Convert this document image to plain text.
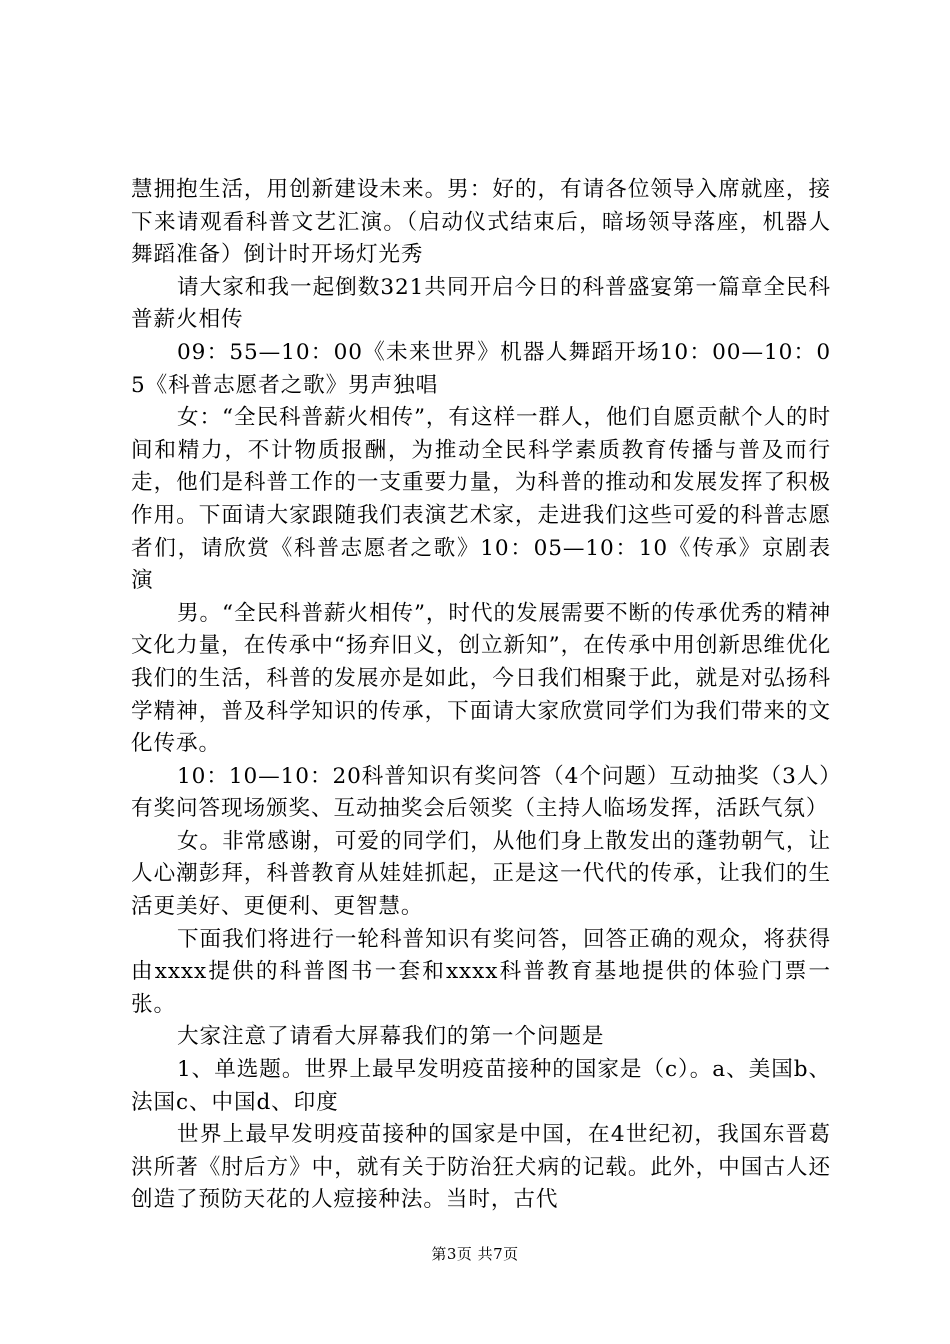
慧拥抱生活，用创新建设未来。男：好的，有请各位领导入席就座，接下来请观看科普文艺汇演。（启动仪式结束后，暗场领导落座，机器人舞蹈准备）倒计时开场灯光秀

请大家和我一起倒数321共同开启今日的科普盛宴第一篇章全民科普薪火相传

09：55—10：00《未来世界》机器人舞蹈开场10：00—10：05《科普志愿者之歌》男声独唱

女：“全民科普薪火相传”，有这样一群人，他们自愿贡献个人的时间和精力，不计物质报酬，为推动全民科学素质教育传播与普及而行走，他们是科普工作的一支重要力量，为科普的推动和发展发挥了积极作用。下面请大家跟随我们表演艺术家，走进我们这些可爱的科普志愿者们，请欣赏《科普志愿者之歌》10：05—10：10《传承》京剧表演

男。“全民科普薪火相传”，时代的发展需要不断的传承优秀的精神文化力量，在传承中“扬弃旧义，创立新知”，在传承中用创新思维优化我们的生活，科普的发展亦是如此，今日我们相聚于此，就是对弘扬科学精神，普及科学知识的传承，下面请大家欣赏同学们为我们带来的文化传承。

10：10—10：20科普知识有奖问答（4个问题）互动抽奖（3人）有奖问答现场颁奖、互动抽奖会后领奖（主持人临场发挥，活跃气氛）

女。非常感谢，可爱的同学们，从他们身上散发出的蓬勃朝气，让人心潮彭拜，科普教育从娃娃抓起，正是这一代代的传承，让我们的生活更美好、更便利、更智慧。

下面我们将进行一轮科普知识有奖问答，回答正确的观众，将获得由xxxx提供的科普图书一套和xxxx科普教育基地提供的体验门票一张。

大家注意了请看大屏幕我们的第一个问题是

1、单选题。世界上最早发明疫苗接种的国家是（c）。a、美国b、法国c、中国d、印度

世界上最早发明疫苗接种的国家是中国，在4世纪初，我国东晋葛洪所著《肘后方》中，就有关于防治狂犬病的记载。此外，中国古人还创造了预防天花的人痘接种法。当时，古代

第3页 共7页
